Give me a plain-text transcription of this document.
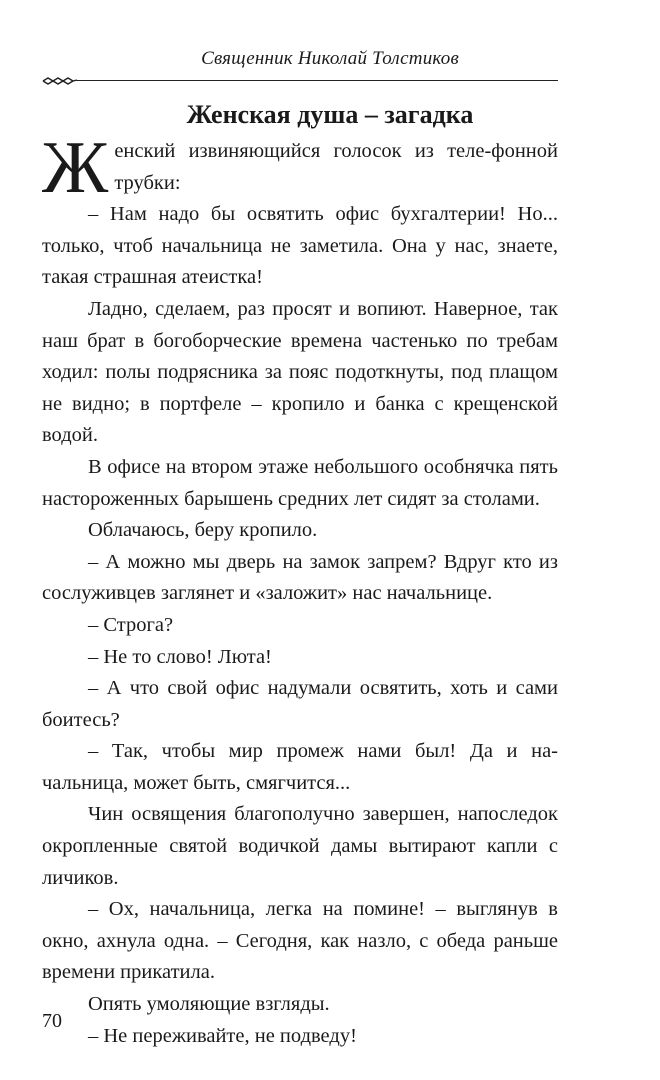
Священник Николай Толстиков
Женская душа – загадка

Женский извиняющийся голосок из теле-фонной трубки:

– Нам надо бы освятить офис бухгалтерии! Но... только, чтоб начальница не заметила. Она у нас, знаете, такая страшная атеистка!

Ладно, сделаем, раз просят и вопиют. Наверное, так наш брат в богоборческие времена частенько по требам ходил: полы подрясника за пояс подоткнуты, под плащом не видно; в портфеле – кропило и банка с крещенской водой.

В офисе на втором этаже небольшого особнячка пять настороженных барышень средних лет сидят за столами.

Облачаюсь, беру кропило.

– А можно мы дверь на замок запрем? Вдруг кто из сослуживцев заглянет и «заложит» нас начальнице.

– Строга?

– Не то слово! Люта!

– А что свой офис надумали освятить, хоть и сами боитесь?

– Так, чтобы мир промеж нами был! Да и начальница, может быть, смягчится...

Чин освящения благополучно завершен, напоследок окропленные святой водичкой дамы вытирают капли с личиков.

– Ох, начальница, легка на помине! – выглянув в окно, ахнула одна. – Сегодня, как назло, с обеда раньше времени прикатила.

Опять умоляющие взгляды.

– Не переживайте, не подведу!

70
